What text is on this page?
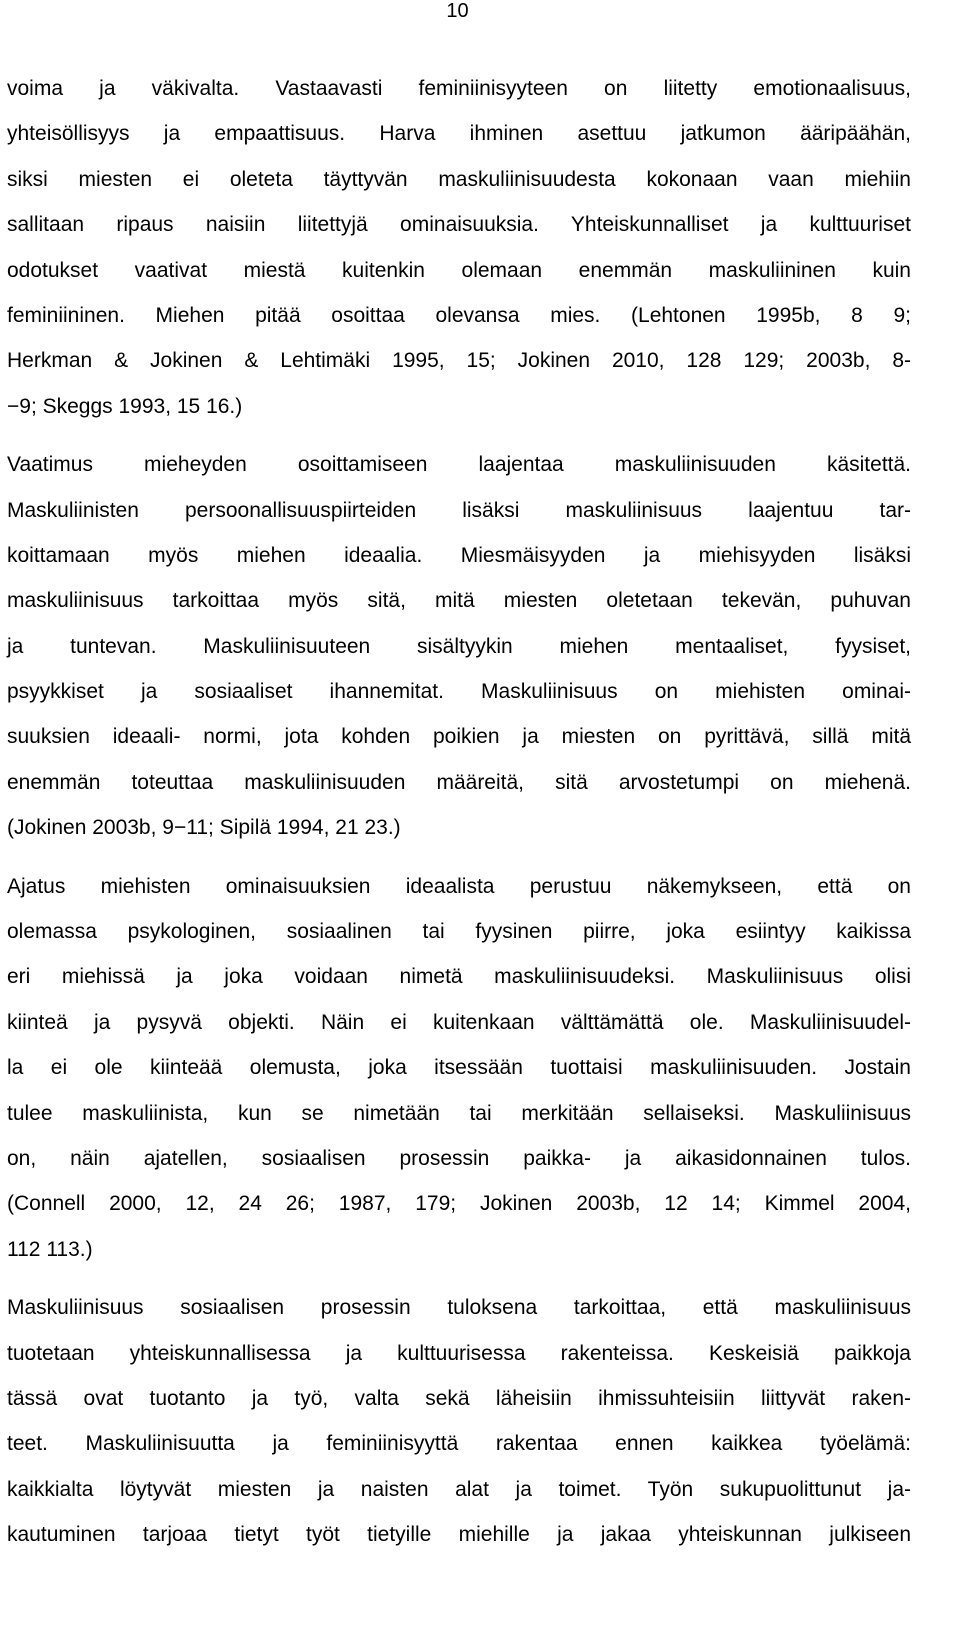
10

voima ja väkivalta. Vastaavasti feminiinisyyteen on liitetty emotionaalisuus,
yhteisöllisyys ja empaattisuus. Harva ihminen asettuu jatkumon ääripäähän,
siksi miesten ei oleteta täyttyvän maskuliinisuudesta kokonaan vaan miehiin
sallitaan ripaus naisiin liitettyjä ominaisuuksia. Yhteiskunnalliset ja kulttuuriset
odotukset vaativat miestä kuitenkin olemaan enemmän maskuliininen kuin
feminiininen. Miehen pitää osoittaa olevansa mies. (Lehtonen 1995b, 8 9;
Herkman & Jokinen & Lehtimäki 1995, 15; Jokinen 2010, 128 129; 2003b, 8-
−9; Skeggs 1993, 15 16.)

Vaatimus mieheyden osoittamiseen laajentaa maskuliinisuuden käsitettä.
Maskuliinisten persoonallisuuspiirteiden lisäksi maskuliinisuus laajentuu tar-
koittamaan myös miehen ideaalia. Miesmäisyyden ja miehisyyden lisäksi
maskuliinisuus tarkoittaa myös sitä, mitä miesten oletetaan tekevän, puhuvan
ja tuntevan. Maskuliinisuuteen sisältyykin miehen mentaaliset, fyysiset,
psyykkiset ja sosiaaliset ihannemitat. Maskuliinisuus on miehisten ominai-
suuksien ideaali- normi, jota kohden poikien ja miesten on pyrittävä, sillä mitä
enemmän toteuttaa maskuliinisuuden määreitä, sitä arvostetumpi on miehenä.
(Jokinen 2003b, 9−11; Sipilä 1994, 21 23.)

Ajatus miehisten ominaisuuksien ideaalista perustuu näkemykseen, että on
olemassa psykologinen, sosiaalinen tai fyysinen piirre, joka esiintyy kaikissa
eri miehissä ja joka voidaan nimetä maskuliinisuudeksi. Maskuliinisuus olisi
kiinteä ja pysyvä objekti. Näin ei kuitenkaan välttämättä ole. Maskuliinisuudel-
la ei ole kiinteää olemusta, joka itsessään tuottaisi maskuliinisuuden. Jostain
tulee maskuliinista, kun se nimetään tai merkitään sellaiseksi. Maskuliinisuus
on, näin ajatellen, sosiaalisen prosessin paikka- ja aikasidonnainen tulos.
(Connell 2000, 12, 24 26; 1987, 179; Jokinen 2003b, 12 14; Kimmel 2004,
112 113.)

Maskuliinisuus sosiaalisen prosessin tuloksena tarkoittaa, että maskuliinisuus
tuotetaan yhteiskunnallisessa ja kulttuurisessa rakenteissa. Keskeisiä paikkoja
tässä ovat tuotanto ja työ, valta sekä läheisiin ihmissuhteisiin liittyvät raken-
teet. Maskuliinisuutta ja feminiinisyyttä rakentaa ennen kaikkea työelämä:
kaikkialta löytyvät miesten ja naisten alat ja toimet. Työn sukupuolittunut ja-
kautuminen tarjoaa tietyt työt tietyille miehille ja jakaa yhteiskunnan julkiseen
